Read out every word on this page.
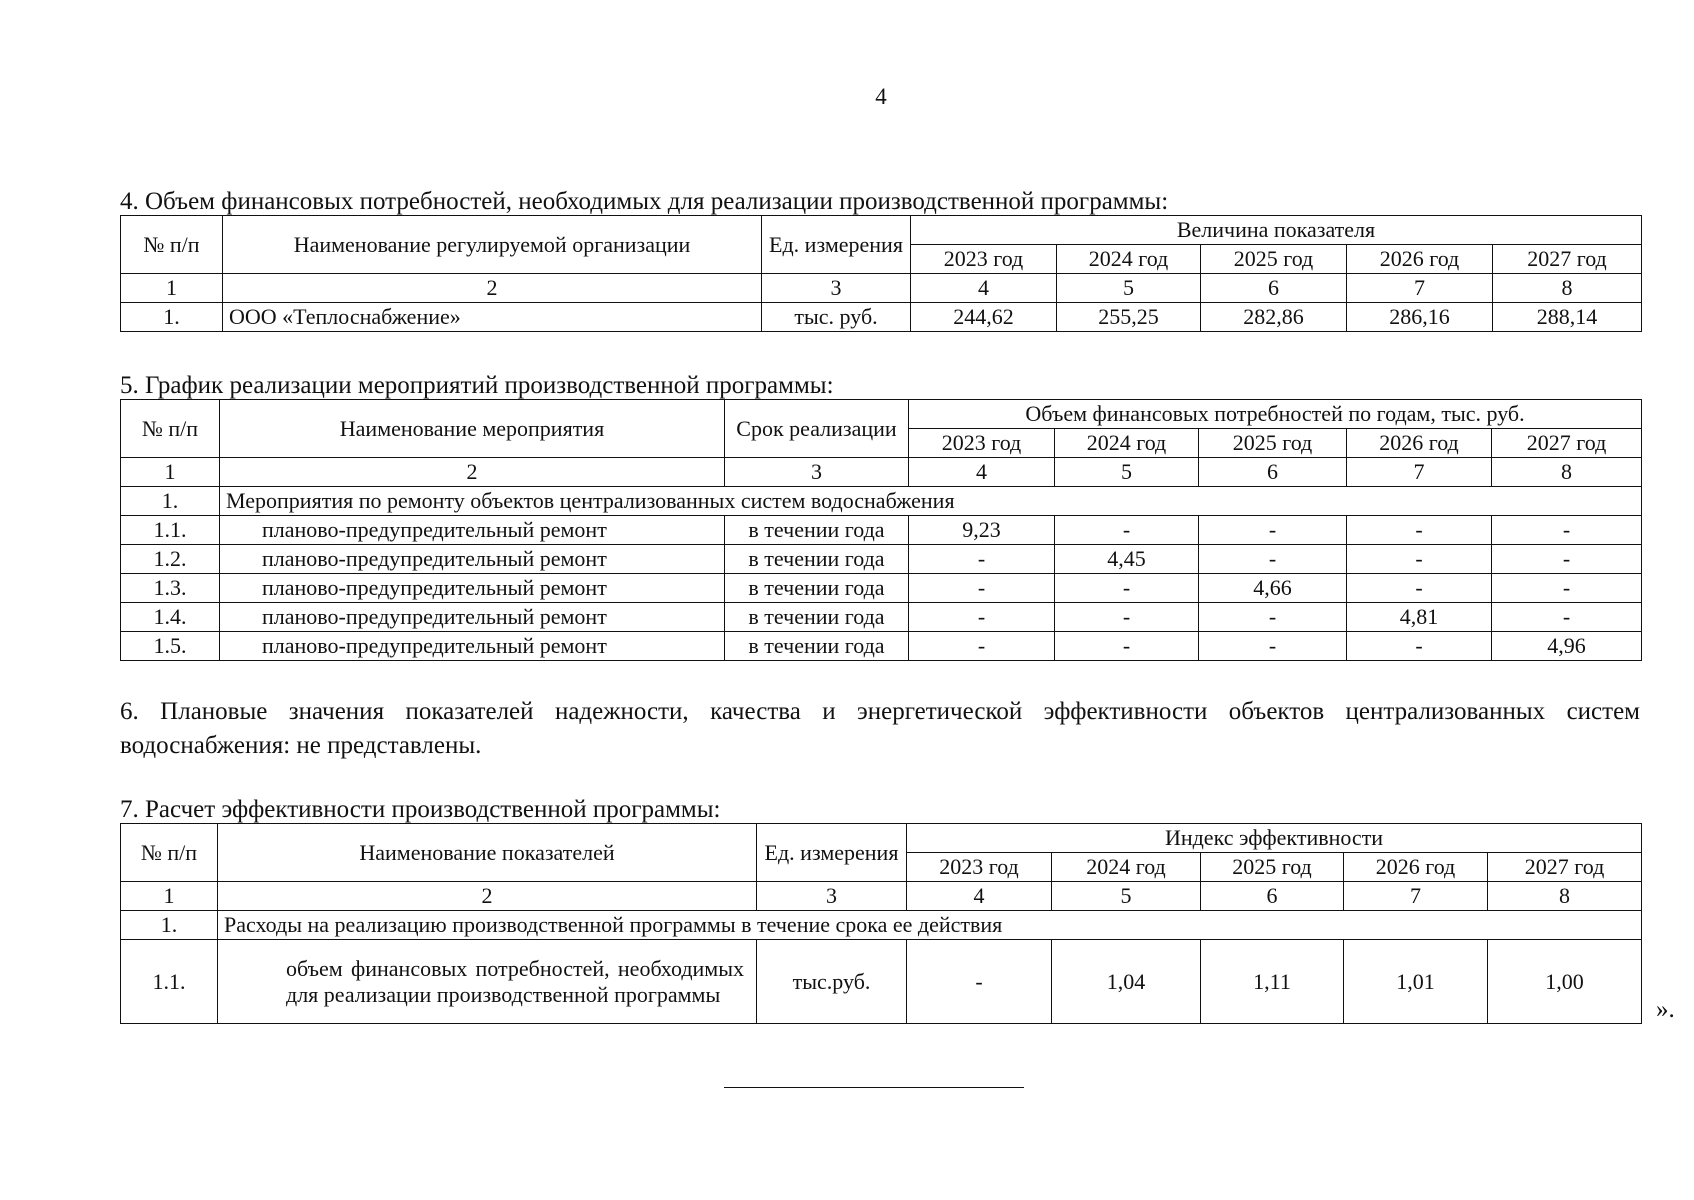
4
4. Объем финансовых потребностей, необходимых для реализации производственной программы:
№ п/п	Наименование регулируемой организации	Ед. измерения	Величина показателя				
			2023 год	2024 год	2025 год	2026 год	2027 год
1	2	3	4	5	6	7	8
1.	ООО «Теплоснабжение»	тыс. руб.	244,62	255,25	282,86	286,16	288,14
5. График реализации мероприятий производственной программы:
№ п/п	Наименование мероприятия	Срок реализации	Объем финансовых потребностей по годам, тыс. руб.				
			2023 год	2024 год	2025 год	2026 год	2027 год
1	2	3	4	5	6	7	8
1.	Мероприятия по ремонту объектов централизованных систем водоснабжения						
1.1.	планово-предупредительный ремонт	в течении года	9,23	-	-	-	-
1.2.	планово-предупредительный ремонт	в течении года	-	4,45	-	-	-
1.3.	планово-предупредительный ремонт	в течении года	-	-	4,66	-	-
1.4.	планово-предупредительный ремонт	в течении года	-	-	-	4,81	-
1.5.	планово-предупредительный ремонт	в течении года	-	-	-	-	4,96
6. Плановые значения показателей надежности, качества и энергетической эффективности объектов централизованных систем водоснабжения: не представлены.
7. Расчет эффективности производственной программы:
№ п/п	Наименование показателей	Ед. измерения	Индекс эффективности				
			2023 год	2024 год	2025 год	2026 год	2027 год
1	2	3	4	5	6	7	8
1.	Расходы на реализацию производственной программы в течение срока ее действия						
1.1.	объем финансовых потребностей, необходимых для реализации производственной программы	тыс.руб.	-	1,04	1,11	1,01	1,00
».
